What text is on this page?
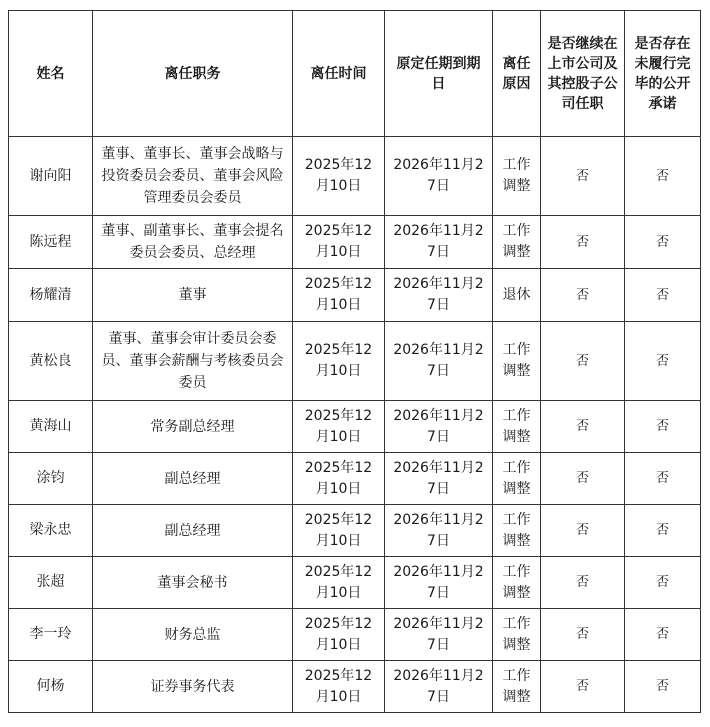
姓名	离任职务	离任时间	原定任期到期日	离任原因	是否继续在上市公司及其控股子公司任职	是否存在未履行完毕的公开承诺
谢向阳	董事、董事长、董事会战略与投资委员会委员、董事会风险管理委员会委员	2025年12月10日	2026年11月27日	工作调整	否	否
陈远程	董事、副董事长、董事会提名委员会委员、总经理	2025年12月10日	2026年11月27日	工作调整	否	否
杨耀清	董事	2025年12月10日	2026年11月27日	退休	否	否
黄松良	董事、董事会审计委员会委员、董事会薪酬与考核委员会委员	2025年12月10日	2026年11月27日	工作调整	否	否
黄海山	常务副总经理	2025年12月10日	2026年11月27日	工作调整	否	否
涂钧	副总经理	2025年12月10日	2026年11月27日	工作调整	否	否
梁永忠	副总经理	2025年12月10日	2026年11月27日	工作调整	否	否
张超	董事会秘书	2025年12月10日	2026年11月27日	工作调整	否	否
李一玲	财务总监	2025年12月10日	2026年11月27日	工作调整	否	否
何杨	证券事务代表	2025年12月10日	2026年11月27日	工作调整	否	否
